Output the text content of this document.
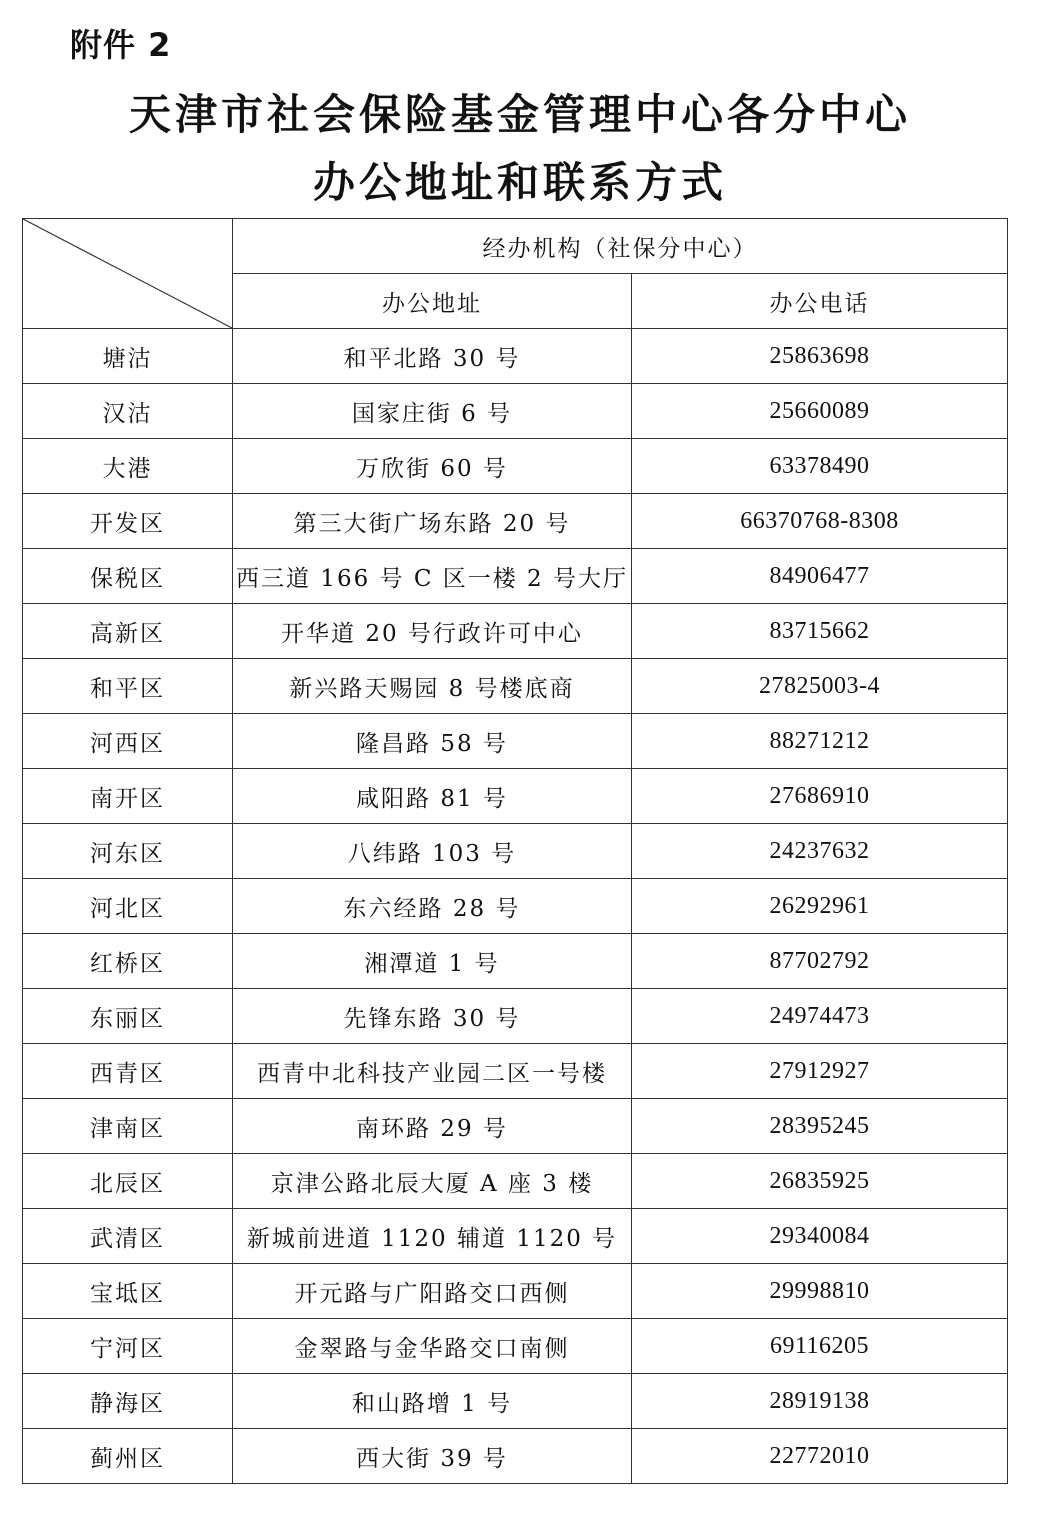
附件 2
天津市社会保险基金管理中心各分中心
办公地址和联系方式
	经办机构（社保分中心）	
	办公地址	办公电话
塘沽	和平北路 30 号	25863698
汉沽	国家庄街 6 号	25660089
大港	万欣街 60 号	63378490
开发区	第三大街广场东路 20 号	66370768-8308
保税区	西三道 166 号 C 区一楼 2 号大厅	84906477
高新区	开华道 20 号行政许可中心	83715662
和平区	新兴路天赐园 8 号楼底商	27825003-4
河西区	隆昌路 58 号	88271212
南开区	咸阳路 81 号	27686910
河东区	八纬路 103 号	24237632
河北区	东六经路 28 号	26292961
红桥区	湘潭道 1 号	87702792
东丽区	先锋东路 30 号	24974473
西青区	西青中北科技产业园二区一号楼	27912927
津南区	南环路 29 号	28395245
北辰区	京津公路北辰大厦 A 座 3 楼	26835925
武清区	新城前进道 1120 辅道 1120 号	29340084
宝坻区	开元路与广阳路交口西侧	29998810
宁河区	金翠路与金华路交口南侧	69116205
静海区	和山路增 1 号	28919138
蓟州区	西大街 39 号	22772010
